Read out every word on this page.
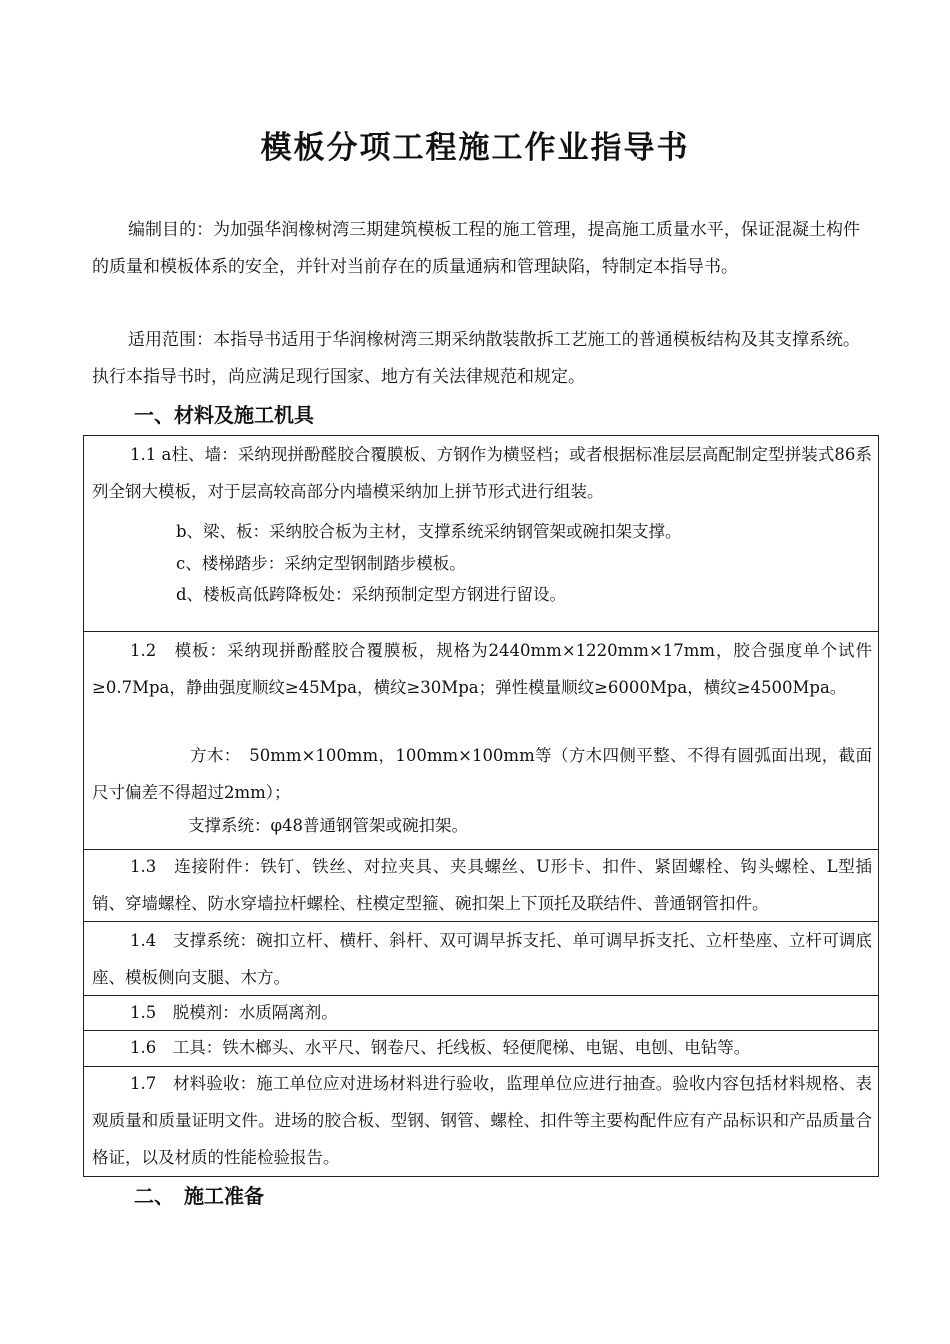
模板分项工程施工作业指导书

编制目的：为加强华润橡树湾三期建筑模板工程的施工管理，提高施工质量水平，保证混凝土构件的质量和模板体系的安全，并针对当前存在的质量通病和管理缺陷，特制定本指导书。

适用范围：本指导书适用于华润橡树湾三期采纳散装散拆工艺施工的普通模板结构及其支撑系统。执行本指导书时，尚应满足现行国家、地方有关法律规范和规定。

一、材料及施工机具

1.1 a柱、墙：采纳现拼酚醛胶合覆膜板、方钢作为横竖档；或者根据标准层层高配制定型拼装式86系列全钢大模板，对于层高较高部分内墙模采纳加上拼节形式进行组装。

b、梁、板：采纳胶合板为主材，支撑系统采纳钢管架或碗扣架支撑。

c、楼梯踏步：采纳定型钢制踏步模板。

d、楼板高低跨降板处：采纳预制定型方钢进行留设。

1.2　模板：采纳现拼酚醛胶合覆膜板，规格为2440mm×1220mm×17mm，胶合强度单个试件≥0.7Mpa，静曲强度顺纹≥45Mpa，横纹≥30Mpa；弹性模量顺纹≥6000Mpa，横纹≥4500Mpa。

方木：　50mm×100mm，100mm×100mm等（方木四侧平整、不得有圆弧面出现，截面尺寸偏差不得超过2mm）；

支撑系统：φ48普通钢管架或碗扣架。

1.3　连接附件：铁钉、铁丝、对拉夹具、夹具螺丝、U形卡、扣件、紧固螺栓、钩头螺栓、L型插销、穿墙螺栓、防水穿墙拉杆螺栓、柱模定型箍、碗扣架上下顶托及联结件、普通钢管扣件。

1.4　支撑系统：碗扣立杆、横杆、斜杆、双可调早拆支托、单可调早拆支托、立杆垫座、立杆可调底座、模板侧向支腿、木方。

1.5　脱模剂：水质隔离剂。

1.6　工具：铁木榔头、水平尺、钢卷尺、托线板、轻便爬梯、电锯、电刨、电钻等。

1.7　材料验收：施工单位应对进场材料进行验收，监理单位应进行抽查。验收内容包括材料规格、表观质量和质量证明文件。进场的胶合板、型钢、钢管、螺栓、扣件等主要构配件应有产品标识和产品质量合格证，以及材质的性能检验报告。

二、　施工准备
